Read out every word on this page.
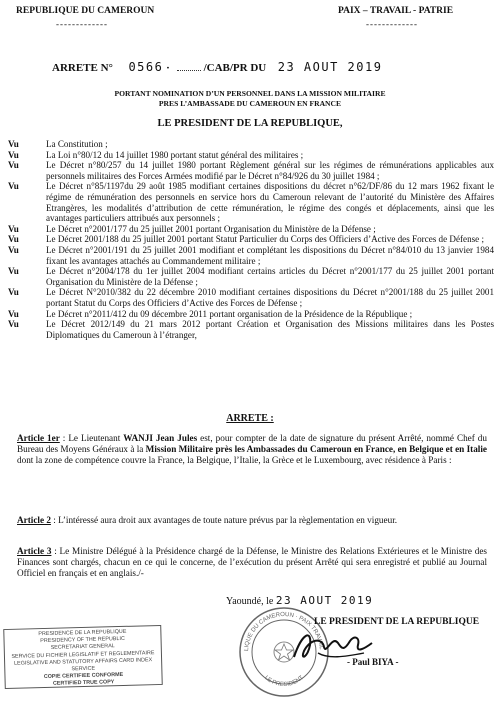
REPUBLIQUE DU CAMEROUN
-------------
PAIX – TRAVAIL - PATRIE
-------------
ARRETE N° 0566 ·	/CAB/PR DU 23 AOUT 2019
PORTANT NOMINATION D’UN PERSONNEL DANS LA MISSION MILITAIRE
PRES L’AMBASSADE DU CAMEROUN EN FRANCE
LE PRESIDENT DE LA REPUBLIQUE,
Vu	La Constitution ;
Vu	La Loi n°80/12 du 14 juillet 1980 portant statut général des militaires ;
Vu	Le Décret n°80/257 du 14 juillet 1980 portant Règlement général sur les régimes de rémunérations applicables aux personnels militaires des Forces Armées modifié par le Décret n°84/926 du 30 juillet 1984 ;
Vu	Le Décret n°85/1197du 29 août 1985 modifiant certaines dispositions du décret n°62/DF/86 du 12 mars 1962 fixant le régime de rémunération des personnels en service hors du Cameroun relevant de l’autorité du Ministère des Affaires Etrangères, les modalités d’attribution de cette rémunération, le régime des congés et déplacements, ainsi que les avantages particuliers attribués aux personnels ;
Vu	Le Décret n°2001/177 du 25 juillet 2001 portant Organisation du Ministère de la Défense ;
Vu	Le Décret 2001/188 du 25 juillet 2001 portant Statut Particulier du Corps des Officiers d’Active des Forces de Défense ;
Vu	Le Décret n°2001/191 du 25 juillet 2001 modifiant et complétant les dispositions du Décret n°84/010 du 13 janvier 1984 fixant les avantages attachés au Commandement militaire ;
Vu	Le Décret n°2004/178 du 1er juillet 2004 modifiant certains articles du Décret n°2001/177 du 25 juillet 2001 portant Organisation du Ministère de la Défense ;
Vu	Le Décret N°2010/382 du 22 décembre 2010 modifiant certaines dispositions du Décret n°2001/188 du 25 juillet 2001 portant Statut du Corps des Officiers d’Active des Forces de Défense ;
Vu	Le Décret n°2011/412 du 09 décembre 2011 portant organisation de la Présidence de la République ;
Vu	Le Décret 2012/149 du 21 mars 2012 portant Création et Organisation des Missions militaires dans les Postes Diplomatiques du Cameroun à l’étranger,
ARRETE :
Article 1er : Le Lieutenant WANJI Jean Jules est, pour compter de la date de signature du présent Arrêté, nommé Chef du Bureau des Moyens Généraux à la Mission Militaire près les Ambassades du Cameroun en France, en Belgique et en Italie dont la zone de compétence couvre la France, la Belgique, l’Italie, la Grèce et le Luxembourg, avec résidence à Paris :
Article 2 : L’intéressé aura droit aux avantages de toute nature prévus par la règlementation en vigueur.
Article 3 : Le Ministre Délégué à la Présidence chargé de la Défense, le Ministre des Relations Extérieures et le Ministre des Finances sont chargés, chacun en ce qui le concerne, de l’exécution du présent Arrêté qui sera enregistré et publié au Journal Officiel en français et en anglais./-
Yaoundé, le 23 AOUT 2019
LIQUE DU CAMEROUN · PAIX TRAVAIL
LE PRESIDENT
LE PRESIDENT DE LA REPUBLIQUE
- Paul BIYA -
PRESIDENCE DE LA REPUBLIQUE
PRESIDENCY OF THE REPUBLIC
SECRETARIAT GENERAL
SERVICE DU FICHIER LEGISLATIF ET REGLEMENTAIRE
LEGISLATIVE AND STATUTORY AFFAIRS CARD INDEX SERVICE
COPIE CERTIFIEE CONFORME
CERTIFIED TRUE COPY
